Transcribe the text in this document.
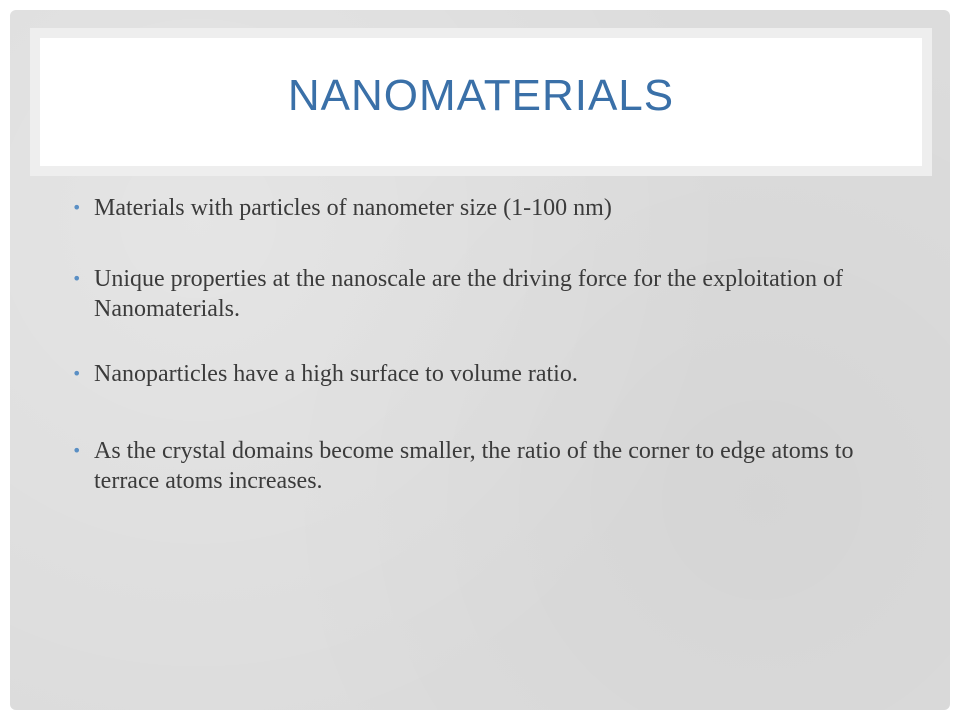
NANOMATERIALS
• Materials with particles of nanometer size (1-100 nm)
• Unique properties at the nanoscale are the driving force for the exploitation of Nanomaterials.
• Nanoparticles have a high surface to volume ratio.
• As the crystal domains become smaller, the ratio of the corner to edge atoms to terrace atoms increases.
